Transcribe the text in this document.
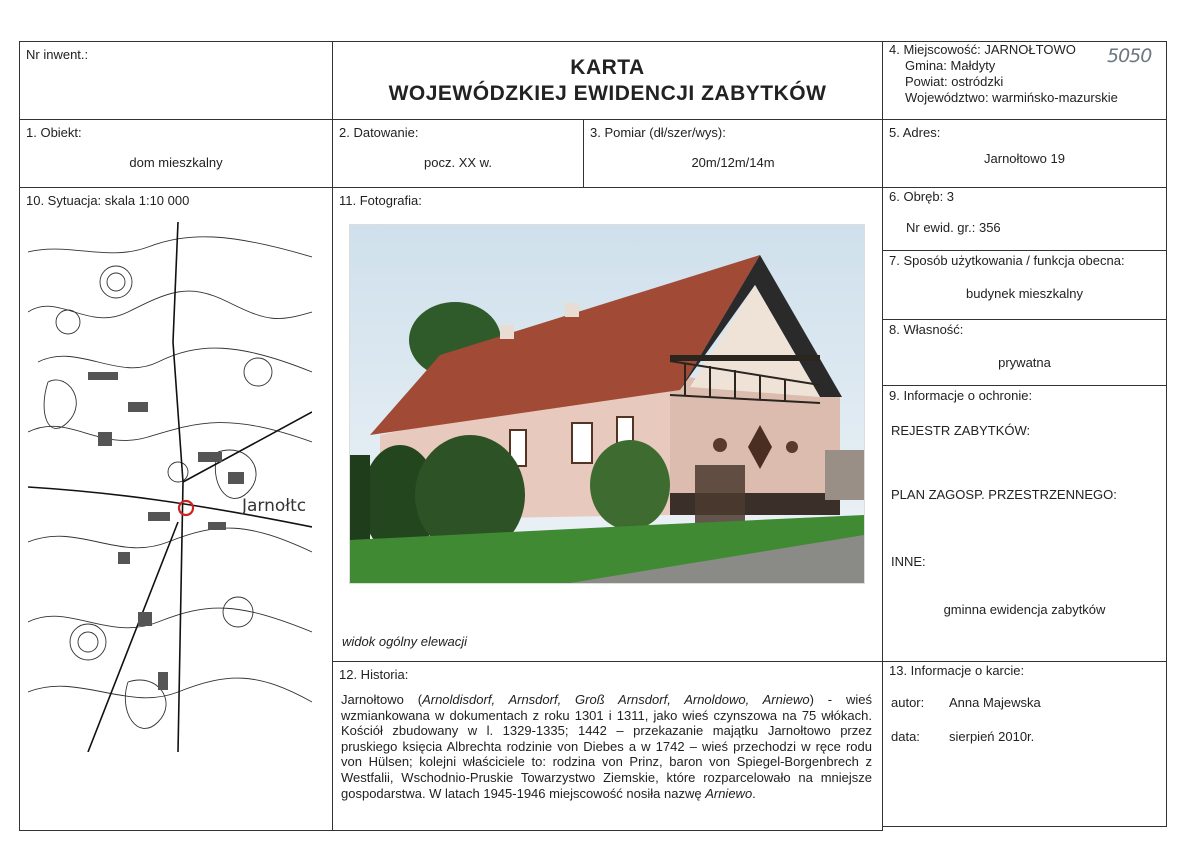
Nr inwent.:
KARTA
WOJEWÓDZKIEJ EWIDENCJI ZABYTKÓW
4. Miejscowość: JARNOŁTOWO
Gmina: Małdyty
Powiat: ostródzki
Województwo: warmińsko-mazurskie
5050
1. Obiekt:
dom mieszkalny
2. Datowanie:
pocz. XX w.
3. Pomiar (dł/szer/wys):
20m/12m/14m
5. Adres:
Jarnołtowo 19
10. Sytuacja: skala 1:10 000
Jarnołtc
11. Fotografia:
widok ogólny elewacji
6. Obręb: 3
Nr ewid. gr.: 356
7. Sposób użytkowania / funkcja obecna:
budynek mieszkalny
8. Własność:
prywatna
9. Informacje o ochronie:
REJESTR ZABYTKÓW:
PLAN ZAGOSP. PRZESTRZENNEGO:
INNE:
gminna ewidencja zabytków
12. Historia:
Jarnołtowo (Arnoldisdorf, Arnsdorf, Groß Arnsdorf, Arnoldowo, Arniewo) - wieś wzmiankowana w dokumentach z roku 1301 i 1311, jako wieś czynszowa na 75 włókach. Kościół zbudowany w l. 1329-1335; 1442 – przekazanie majątku Jarnołtowo przez pruskiego księcia Albrechta rodzinie von Diebes a w 1742 – wieś przechodzi w ręce rodu von Hülsen; kolejni właściciele to: rodzina von Prinz, baron von Spiegel-Borgenbrech z Westfalii, Wschodnio-Pruskie Towarzystwo Ziemskie, które rozparcelowało na mniejsze gospodarstwa. W latach 1945-1946 miejscowość nosiła nazwę Arniewo.
13. Informacje o karcie:
autor: Anna Majewska
data: sierpień 2010r.
